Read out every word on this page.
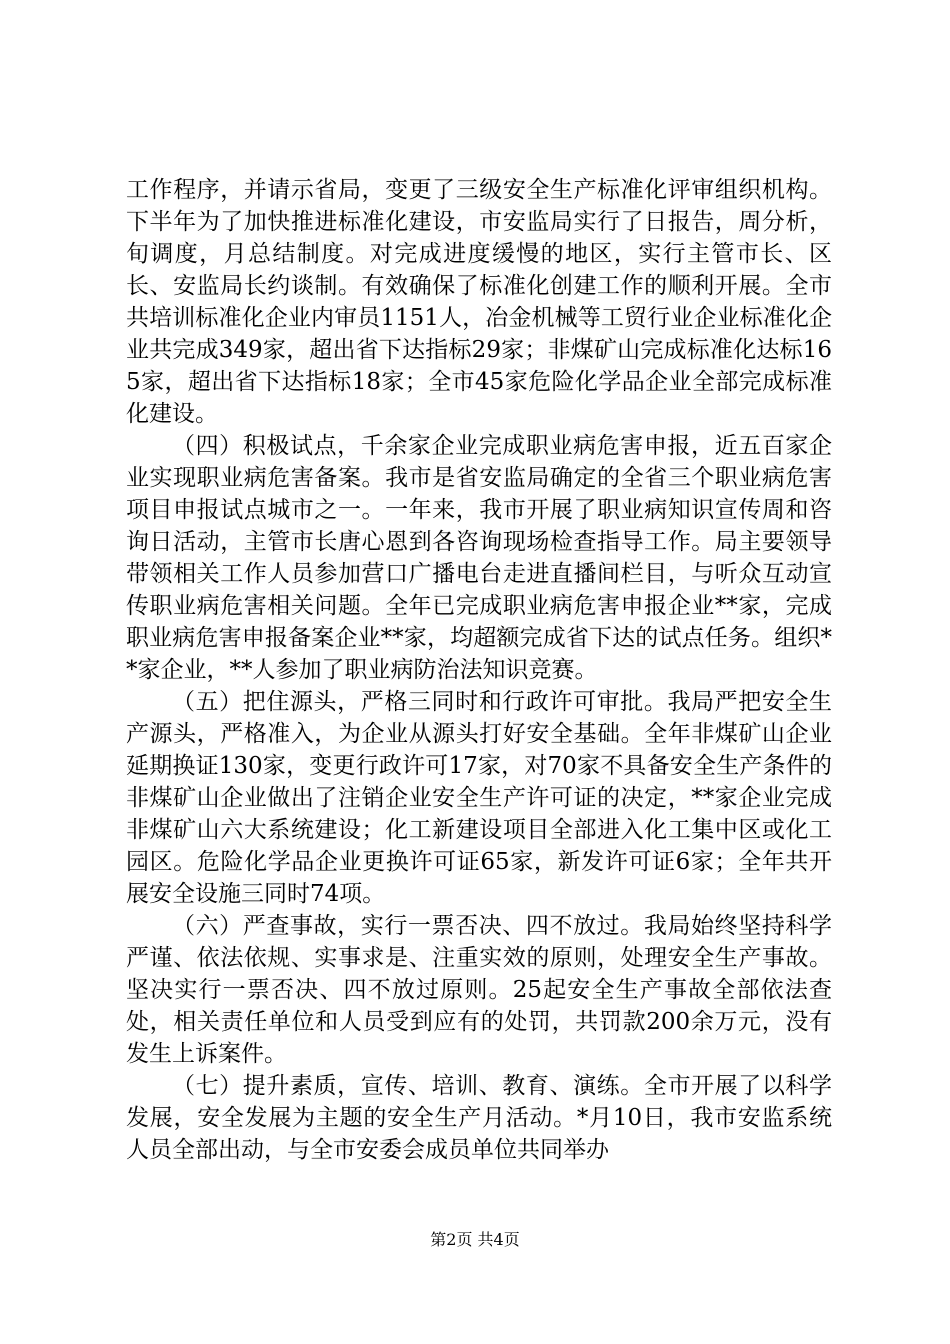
工作程序，并请示省局，变更了三级安全生产标准化评审组织机构。下半年为了加快推进标准化建设，市安监局实行了日报告，周分析，旬调度，月总结制度。对完成进度缓慢的地区，实行主管市长、区长、安监局长约谈制。有效确保了标准化创建工作的顺利开展。全市共培训标准化企业内审员1151人，冶金机械等工贸行业企业标准化企业共完成349家，超出省下达指标29家；非煤矿山完成标准化达标165家，超出省下达指标18家；全市45家危险化学品企业全部完成标准化建设。

（四）积极试点，千余家企业完成职业病危害申报，近五百家企业实现职业病危害备案。我市是省安监局确定的全省三个职业病危害项目申报试点城市之一。一年来，我市开展了职业病知识宣传周和咨询日活动，主管市长唐心恩到各咨询现场检查指导工作。局主要领导带领相关工作人员参加营口广播电台走进直播间栏目，与听众互动宣传职业病危害相关问题。全年已完成职业病危害申报企业**家，完成职业病危害申报备案企业**家，均超额完成省下达的试点任务。组织**家企业，**人参加了职业病防治法知识竞赛。

（五）把住源头，严格三同时和行政许可审批。我局严把安全生产源头，严格准入，为企业从源头打好安全基础。全年非煤矿山企业延期换证130家，变更行政许可17家，对70家不具备安全生产条件的非煤矿山企业做出了注销企业安全生产许可证的决定，**家企业完成非煤矿山六大系统建设；化工新建设项目全部进入化工集中区或化工园区。危险化学品企业更换许可证65家，新发许可证6家；全年共开展安全设施三同时74项。

（六）严查事故，实行一票否决、四不放过。我局始终坚持科学严谨、依法依规、实事求是、注重实效的原则，处理安全生产事故。坚决实行一票否决、四不放过原则。25起安全生产事故全部依法查处，相关责任单位和人员受到应有的处罚，共罚款200余万元，没有发生上诉案件。

（七）提升素质，宣传、培训、教育、演练。全市开展了以科学发展，安全发展为主题的安全生产月活动。*月10日，我市安监系统人员全部出动，与全市安委会成员单位共同举办

第2页 共4页
